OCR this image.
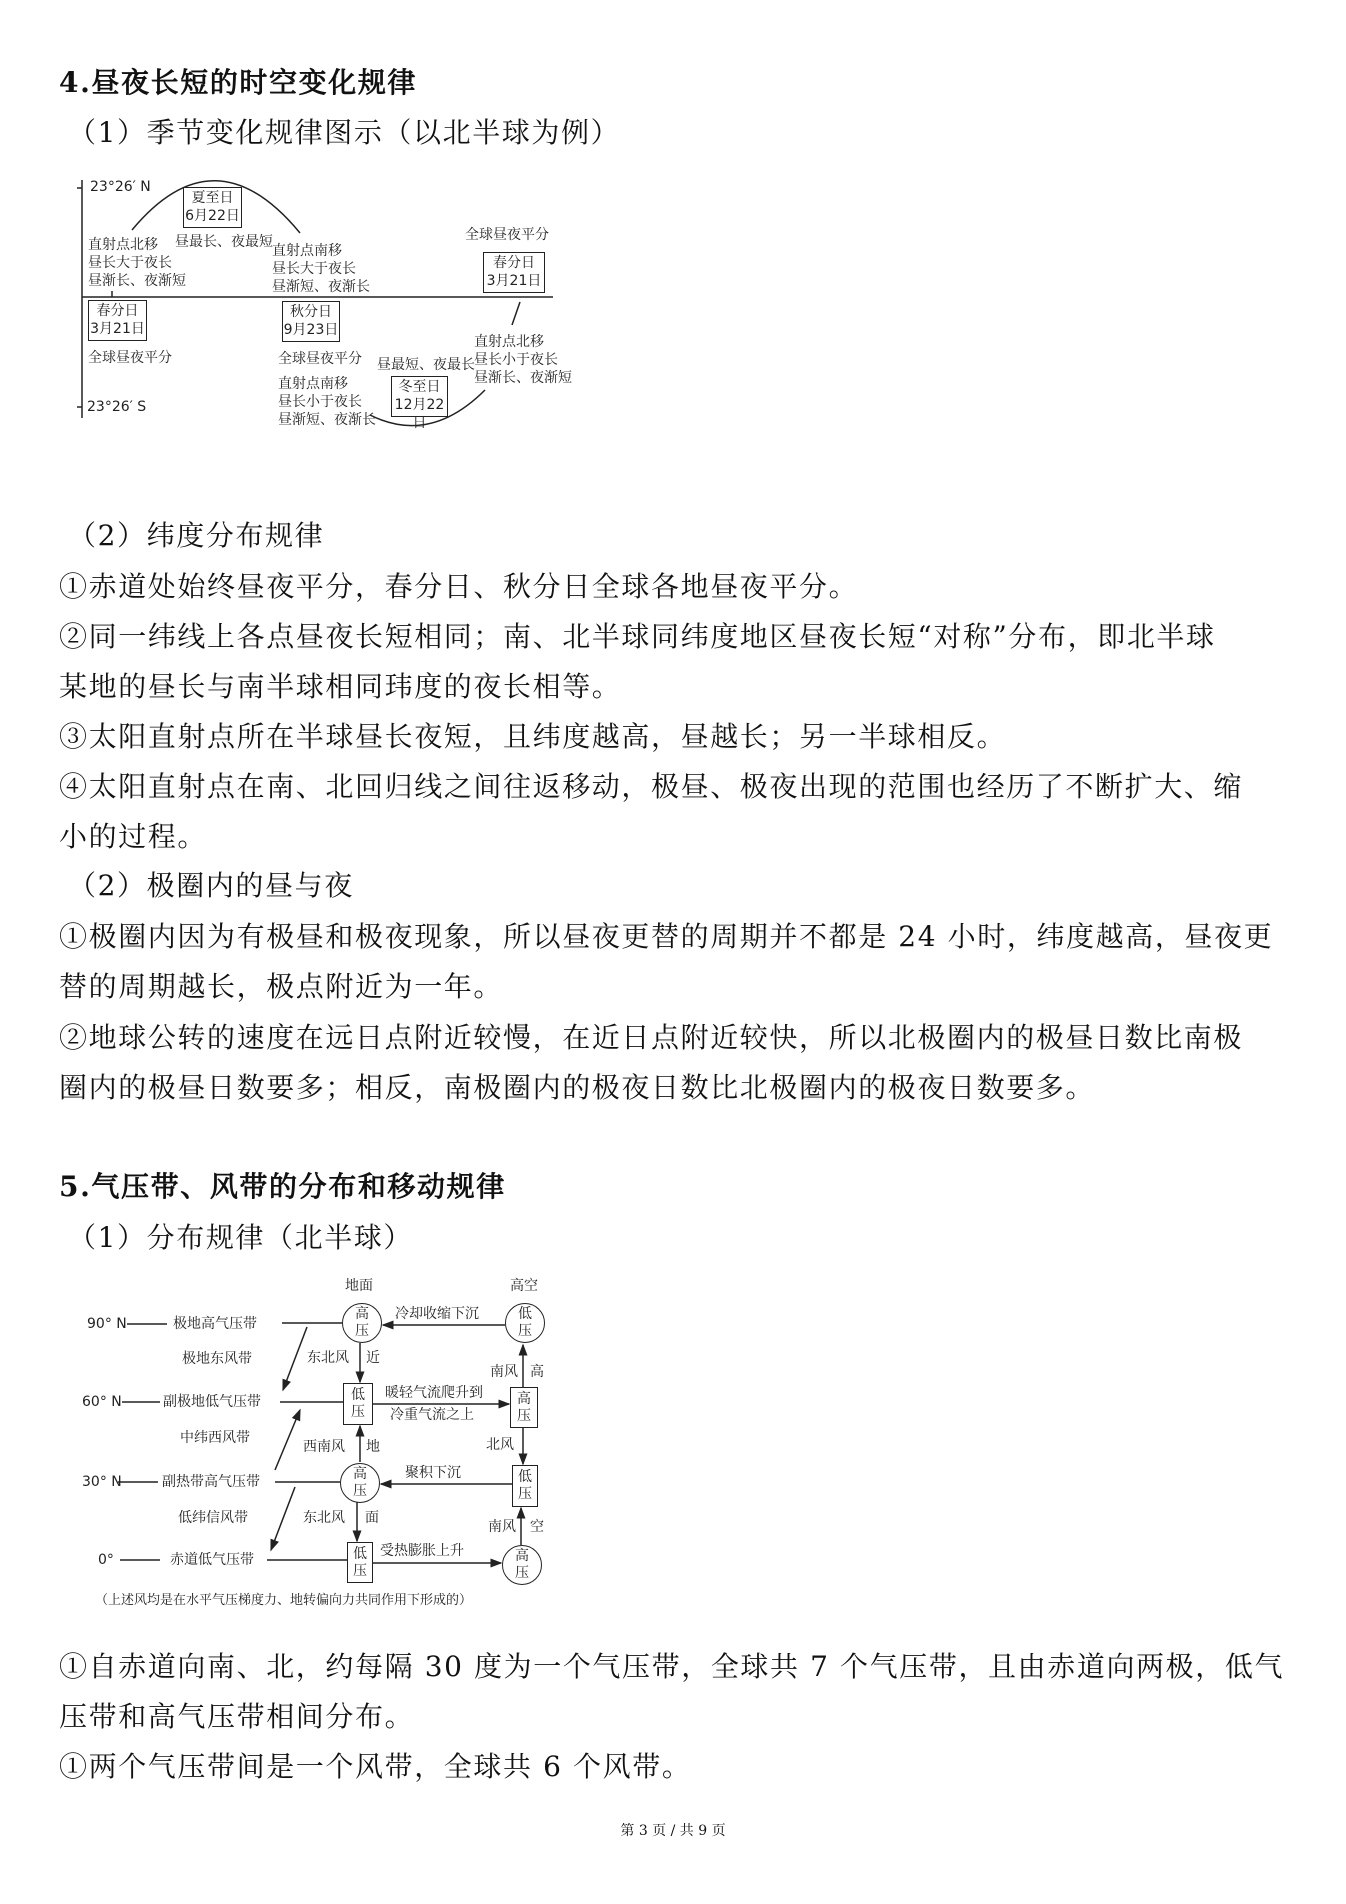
4.昼夜长短的时空变化规律
（1）季节变化规律图示（以北半球为例）
23°26′ N
23°26′ S
夏至日
6月22日
昼最长、夜最短
直射点北移
昼长大于夜长
昼渐长、夜渐短
直射点南移
昼长大于夜长
昼渐短、夜渐长
全球昼夜平分
春分日
3月21日
春分日
3月21日
全球昼夜平分
秋分日
9月23日
全球昼夜平分 昼最短、夜最长
冬至日
12月22日
直射点南移
昼长小于夜长
昼渐短、夜渐长
直射点北移
昼长小于夜长
昼渐长、夜渐短
（2）纬度分布规律
①赤道处始终昼夜平分，春分日、秋分日全球各地昼夜平分。
②同一纬线上各点昼夜长短相同；南、北半球同纬度地区昼夜长短“对称”分布，即北半球
某地的昼长与南半球相同玮度的夜长相等。
③太阳直射点所在半球昼长夜短，且纬度越高，昼越长；另一半球相反。
④太阳直射点在南、北回归线之间往返移动，极昼、极夜出现的范围也经历了不断扩大、缩
小的过程。
（2）极圈内的昼与夜
①极圈内因为有极昼和极夜现象，所以昼夜更替的周期并不都是 24 小时，纬度越高，昼夜更
替的周期越长，极点附近为一年。
②地球公转的速度在远日点附近较慢，在近日点附近较快，所以北极圈内的极昼日数比南极
圈内的极昼日数要多；相反，南极圈内的极夜日数比北极圈内的极夜日数要多。
5.气压带、风带的分布和移动规律
（1）分布规律（北半球）
地面	高空
90° N
60° N
30° N
0°
极地高气压带
极地东风带
副极地低气压带
中纬西风带
副热带高气压带
低纬信风带
赤道低气压带
高
压
低
压
低
压
高
压
高
压
低
压
低
压
高
压
冷却收缩下沉
暖轻气流爬升到
冷重气流之上
聚积下沉
受热膨胀上升
东北风 近
南风 高
西南风 地	北风
东北风 面
南风 空
（上述风均是在水平气压梯度力、地转偏向力共同作用下形成的）
①自赤道向南、北，约每隔 30 度为一个气压带，全球共 7 个气压带，且由赤道向两极，低气
压带和高气压带相间分布。
①两个气压带间是一个风带，全球共 6 个风带。
第 3 页 / 共 9 页
